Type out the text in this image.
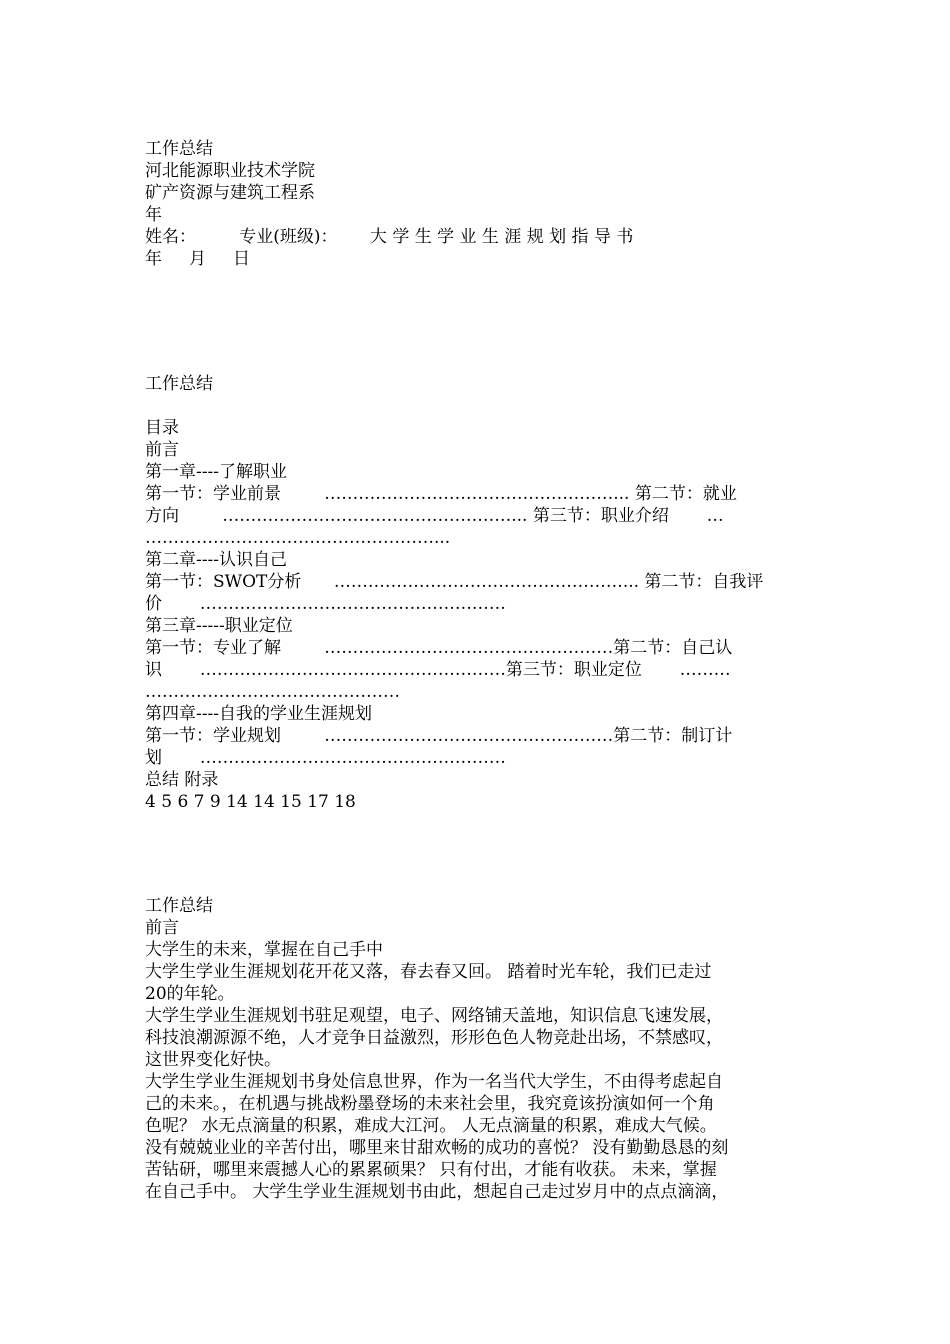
工作总结

河北能源职业技术学院

矿产资源与建筑工程系

年

姓名：        专业(班级)：      大 学 生 学 业 生 涯 规 划 指 导 书

年     月     日

工作总结

目录

前言

第一章----了解职业

第一节：学业前景        ……………………………………………... 第二节：就业

方向        ……………………………………………... 第三节：职业介绍       …

……………………………………………...

第二章----认识自己

第一节：SWOT分析      ……………………………………………... 第二节：自我评

价       ………………………………………………

第三章-----职业定位

第一节：专业了解        ……………………………………………第二节：自己认

识       ………………………………………………第三节：职业定位       ………

………………………………………

第四章----自我的学业生涯规划

第一节：学业规划        ……………………………………………第二节：制订计

划       ………………………………………………

总结 附录

4 5 6 7 9 14 14 15 17 18

工作总结

前言

大学生的未来，掌握在自己手中

大学生学业生涯规划花开花又落，春去春又回。 踏着时光车轮，我们已走过

20的年轮。

大学生学业生涯规划书驻足观望，电子、网络铺天盖地，知识信息飞速发展，

科技浪潮源源不绝，人才竞争日益激烈，形形色色人物竞赴出场，不禁感叹，

这世界变化好快。

大学生学业生涯规划书身处信息世界，作为一名当代大学生，不由得考虑起自

己的未来。，在机遇与挑战粉墨登场的未来社会里，我究竟该扮演如何一个角

色呢？ 水无点滴量的积累，难成大江河。 人无点滴量的积累，难成大气候。

没有兢兢业业的辛苦付出，哪里来甘甜欢畅的成功的喜悦？ 没有勤勤恳恳的刻

苦钻研，哪里来震撼人心的累累硕果？ 只有付出，才能有收获。 未来，掌握

在自己手中。 大学生学业生涯规划书由此，想起自己走过岁月中的点点滴滴，
